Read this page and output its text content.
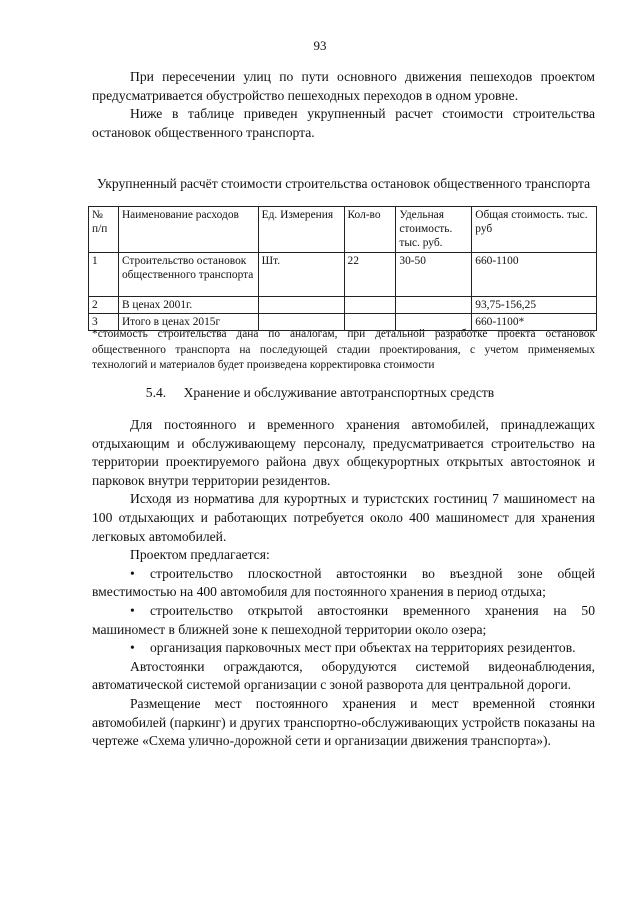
93

При пересечении улиц по пути основного движения пешеходов проектом предусматривается обустройство пешеходных переходов в одном уровне.

Ниже в таблице приведен укрупненный расчет стоимости строительства остановок общественного транспорта.

Укрупненный расчёт стоимости строительства остановок общественного транспорта
№ п/п	Наименование расходов	Ед. Измерения	Кол-во	Удельная стоимость. тыс. руб.	Общая стоимость. тыс. руб
1	Строительство остановок общественного транспорта	Шт.	22	30-50	660-1100
2	В ценах 2001г.				93,75-156,25
3	Итого в ценах 2015г				660-1100*
*стоимость строительства дана по аналогам, при детальной разработке проекта остановок общественного транспорта на последующей стадии проектирования, с учетом применяемых технологий и материалов будет произведена корректировка стоимости
5.4. Хранение и обслуживание автотранспортных средств

Для постоянного и временного хранения автомобилей, принадлежащих отдыхающим и обслуживающему персоналу, предусматривается строительство на территории проектируемого района двух общекурортных открытых автостоянок и парковок внутри территории резидентов.

Исходя из норматива для курортных и туристских гостиниц 7 машиномест на 100 отдыхающих и работающих потребуется около 400 машиномест для хранения легковых автомобилей.

Проектом предлагается:

• строительство плоскостной автостоянки во въездной зоне общей вместимостью на 400 автомобиля для постоянного хранения в период отдыха;

• строительство открытой автостоянки временного хранения на 50 машиномест в ближней зоне к пешеходной территории около озера;

• организация парковочных мест при объектах на территориях резидентов.

Автостоянки ограждаются, оборудуются системой видеонаблюдения, автоматической системой организации с зоной разворота для центральной дороги.

Размещение мест постоянного хранения и мест временной стоянки автомобилей (паркинг) и других транспортно-обслуживающих устройств показаны на чертеже «Схема улично-дорожной сети и организации движения транспорта»).
